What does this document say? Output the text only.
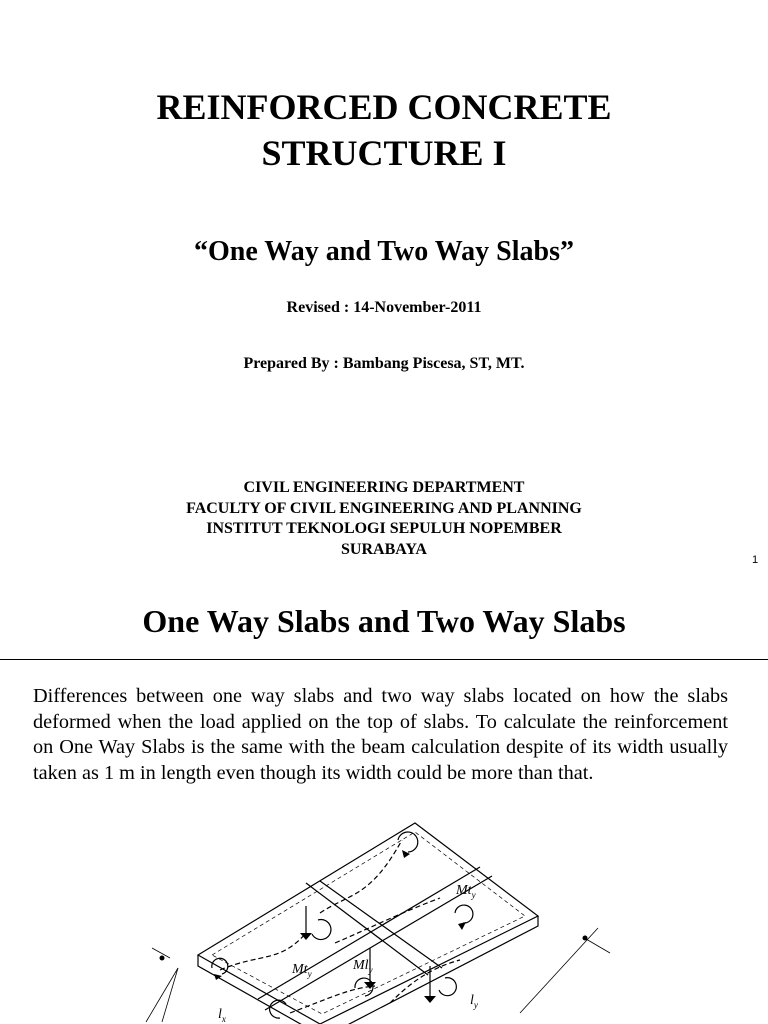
REINFORCED CONCRETE
STRUCTURE I
“One Way and Two Way Slabs”
Revised : 14-November-2011
Prepared By : Bambang Piscesa, ST, MT.
CIVIL ENGINEERING DEPARTMENT
FACULTY OF CIVIL ENGINEERING AND PLANNING
INSTITUT TEKNOLOGI SEPULUH NOPEMBER
SURABAYA
1
One Way Slabs and Two Way Slabs
Differences between one way slabs and two way slabs located on how the slabs deformed when the load applied on the top of slabs. To calculate the reinforcement on One Way Slabs is the same with the beam calculation despite of its width usually taken as 1 m in length even though its width could be more than that.
$Mt_y$
$Mt_y$
$Ml_y$
$l_x$
$l_y$
